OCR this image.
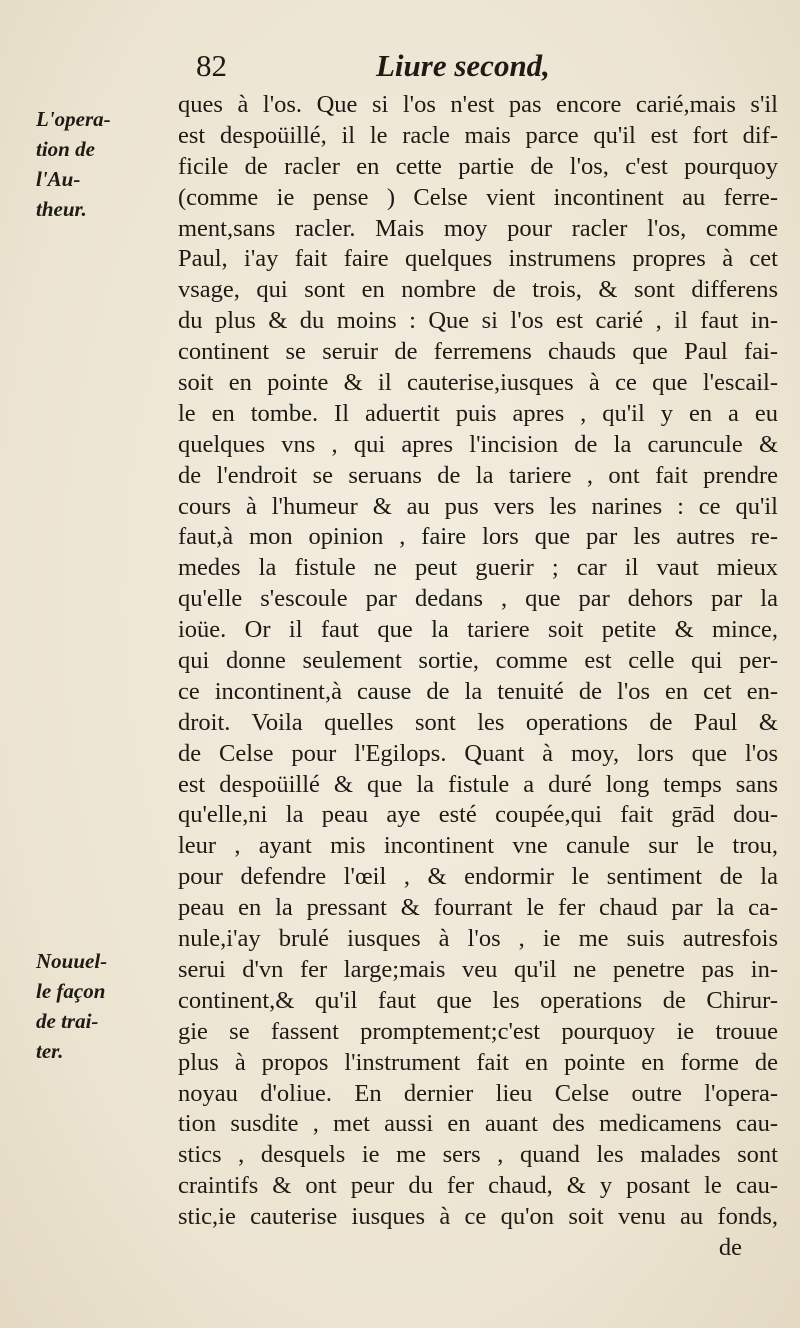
82	Liure second,
L'opera-
tion de
l'Au-
theur.
Nouuel-
le façon
de trai-
ter.
ques à l'os. Que si l'os n'est pas encore carié,mais s'il
est despoüillé, il le racle mais parce qu'il est fort dif-
ficile de racler en cette partie de l'os, c'est pourquoy
(comme ie pense ) Celse vient incontinent au ferre-
ment,sans racler. Mais moy pour racler l'os, comme
Paul, i'ay fait faire quelques instrumens propres à cet
vsage, qui sont en nombre de trois, & sont differens
du plus & du moins : Que si l'os est carié , il faut in-
continent se seruir de ferremens chauds que Paul fai-
soit en pointe & il cauterise,iusques à ce que l'escail-
le en tombe. Il aduertit puis apres , qu'il y en a eu
quelques vns , qui apres l'incision de la caruncule &
de l'endroit se seruans de la tariere , ont fait prendre
cours à l'humeur & au pus vers les narines : ce qu'il
faut,à mon opinion , faire lors que par les autres re-
medes la fistule ne peut guerir ; car il vaut mieux
qu'elle s'escoule par dedans , que par dehors par la
ioüe. Or il faut que la tariere soit petite & mince,
qui donne seulement sortie, comme est celle qui per-
ce incontinent,à cause de la tenuité de l'os en cet en-
droit. Voila quelles sont les operations de Paul &
de Celse pour l'Egilops. Quant à moy, lors que l'os
est despoüillé & que la fistule a duré long temps sans
qu'elle,ni la peau aye esté coupée,qui fait grād dou-
leur , ayant mis incontinent vne canule sur le trou,
pour defendre l'œil , & endormir le sentiment de la
peau en la pressant & fourrant le fer chaud par la ca-
nule,i'ay brulé iusques à l'os , ie me suis autresfois
serui d'vn fer large;mais veu qu'il ne penetre pas in-
continent,& qu'il faut que les operations de Chirur-
gie se fassent promptement;c'est pourquoy ie trouue
plus à propos l'instrument fait en pointe en forme de
noyau d'oliue. En dernier lieu Celse outre l'opera-
tion susdite , met aussi en auant des medicamens cau-
stics , desquels ie me sers , quand les malades sont
craintifs & ont peur du fer chaud, & y posant le cau-
stic,ie cauterise iusques à ce qu'on soit venu au fonds,
de
